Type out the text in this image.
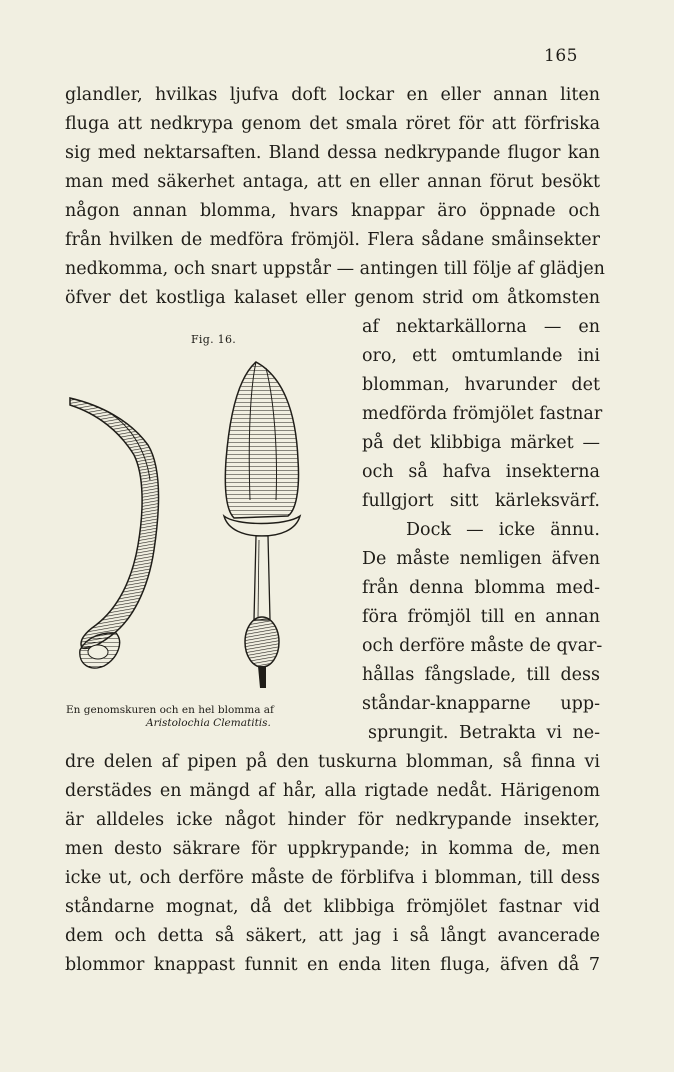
165
glandler, hvilkas ljufva doft lockar en eller annan liten
fluga att nedkrypa genom det smala röret för att förfriska
sig med nektarsaften. Bland dessa nedkrypande flugor kan
man med säkerhet antaga, att en eller annan förut besökt
någon annan blomma, hvars knappar äro öppnade och
från hvilken de medföra frömjöl. Flera sådane småinsekter
nedkomma, och snart uppstår — antingen till följe af glädjen
öfver det kostliga kalaset eller genom strid om åtkomsten
af nektarkällorna — en
oro, ett omtumlande ini
blomman, hvarunder det
medförda frömjölet fastnar
på det klibbiga märket —
och så hafva insekterna
fullgjort sitt kärleksvärf.
Dock — icke ännu.
De måste nemligen äfven
från denna blomma med-
föra frömjöl till en annan
och derföre måste de qvar-
hållas fångslade, till dess
ståndar-knapparne upp-
sprungit. Betrakta vi ne-
dre delen af pipen på den tuskurna blomman, så finna vi
derstädes en mängd af hår, alla rigtade nedåt. Härigenom
är alldeles icke något hinder för nedkrypande insekter,
men desto säkrare för uppkrypande; in komma de, men
icke ut, och derföre måste de förblifva i blomman, till dess
ståndarne mognat, då det klibbiga frömjölet fastnar vid
dem och detta så säkert, att jag i så långt avancerade
blommor knappast funnit en enda liten fluga, äfven då 7
Fig. 16.
En genomskuren och en hel blomma af
Aristolochia Clematitis.
